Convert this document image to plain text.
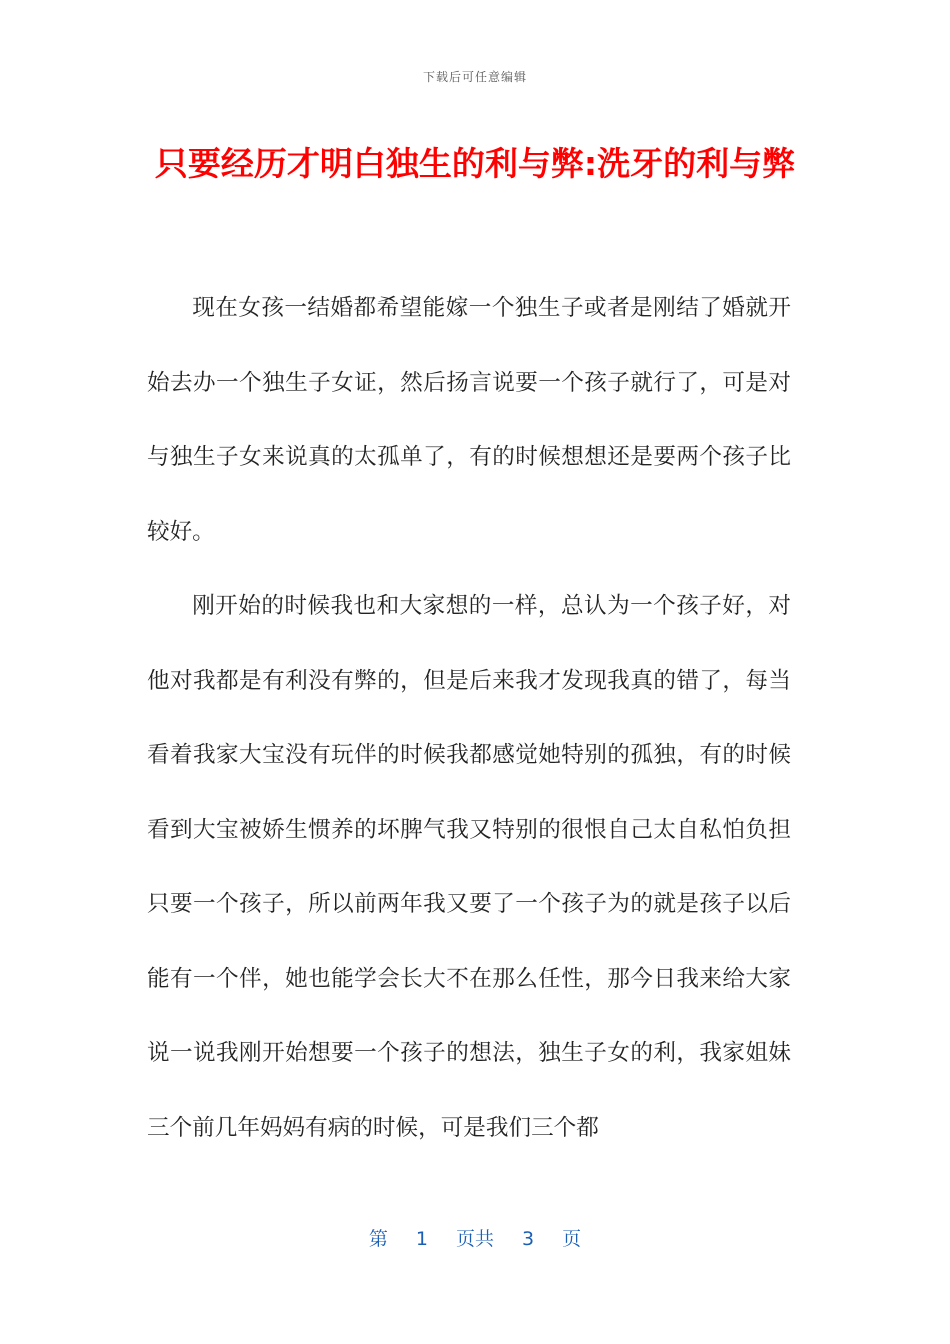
下载后可任意编辑
只要经历才明白独生的利与弊:洗牙的利与弊

现在女孩一结婚都希望能嫁一个独生子或者是刚结了婚就开始去办一个独生子女证，然后扬言说要一个孩子就行了，可是对与独生子女来说真的太孤单了，有的时候想想还是要两个孩子比较好。

刚开始的时候我也和大家想的一样，总认为一个孩子好，对他对我都是有利没有弊的，但是后来我才发现我真的错了，每当看着我家大宝没有玩伴的时候我都感觉她特别的孤独，有的时候看到大宝被娇生惯养的坏脾气我又特别的很恨自己太自私怕负担只要一个孩子，所以前两年我又要了一个孩子为的就是孩子以后能有一个伴，她也能学会长大不在那么任性，那今日我来给大家说一说我刚开始想要一个孩子的想法，独生子女的利，我家姐妹三个前几年妈妈有病的时候，可是我们三个都

第 1 页共 3 页
